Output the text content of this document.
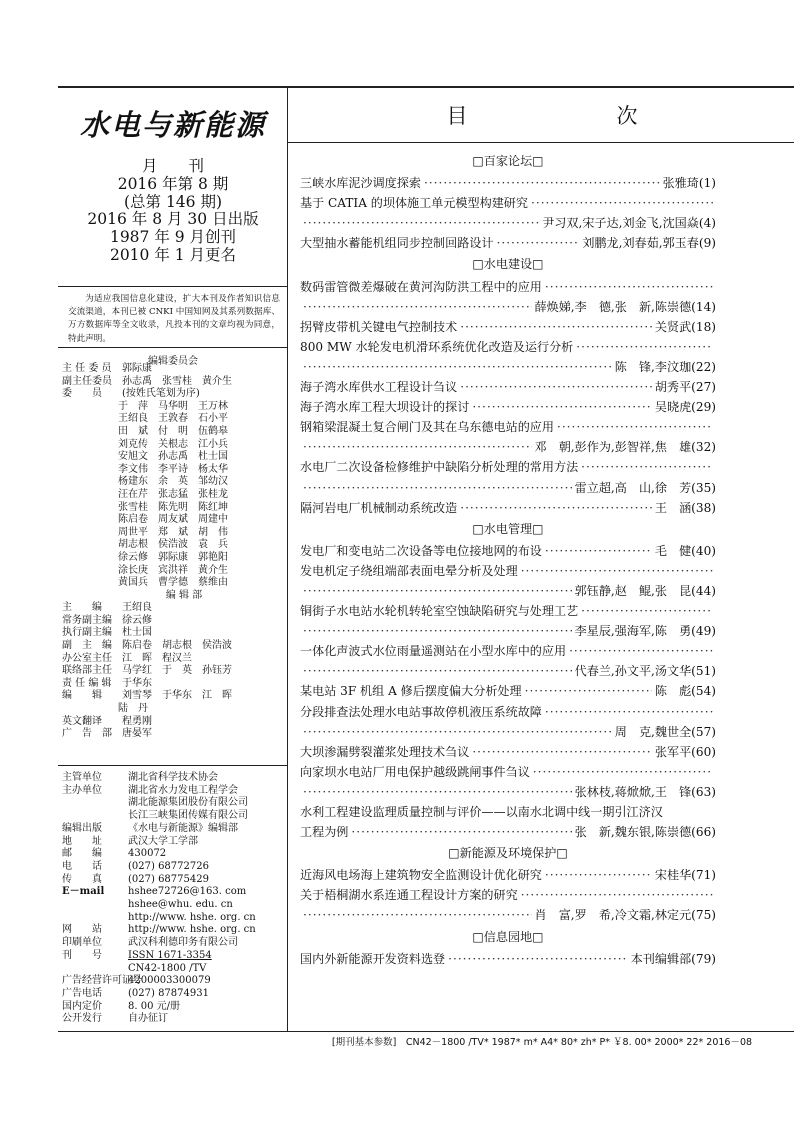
水电与新能源
月　　刊
2016 年第 8 期
(总第 146 期)
2016 年 8 月 30 日出版
1987 年 9 月创刊
2010 年 1 月更名
为适应我国信息化建设，扩大本刊及作者知识信息交流渠道，本刊已被 CNKI 中国知网及其系列数据库、万方数据库等全文收录，凡投本刊的文章均视为同意，特此声明。
编辑委员会
主 任 委 员	郭际康
副主任委员	孙志禹　张雪桂　黄介生
委　　员	(按姓氏笔划为序)
于　萍　马华明　王万林
王绍良　王敦春　石小平
田　斌　付　明　伍鹤皋
刘克传　关根志　江小兵
安旭文　孙志禹　杜士国
李文伟　李平诗　杨太华
杨建东　余　英　邹幼汉
汪在芹　张志猛　张桂龙
张雪桂　陈先明　陈红坤
陈启卷　周友斌　周建中
周世平　郑　斌　胡　伟
胡志根　侯浩波　袁　兵
徐云修　郭际康　郭艳阳
涂长庚　宾洪祥　黄介生
黄国兵　曹学德　蔡维由
编 辑 部
主　　编	王绍良
常务副主编	徐云修
执行副主编	杜士国
副　主　编	陈启卷　胡志根　侯浩波
办公室主任	江　晖　程汉兰
联络部主任	马学红　于　英　孙钰芳
责 任 编 辑	于华东
编　　辑	刘雪琴　于华东　江　晖
陆　丹
英文翻译	程勇刚
广　告　部	唐晏军
主管单位	湖北省科学技术协会
主办单位	湖北省水力发电工程学会
湖北能源集团股份有限公司
长江三峡集团传媒有限公司
编辑出版	《水电与新能源》编辑部
地　　址	武汉大学工学部
邮　　编	430072
电　　话	(027) 68772726
传　　真	(027) 68775429
E－mail	hshee72726@163. com
hshee@whu. edu. cn
http://www. hshe. org. cn
网　　站	http://www. hshe. org. cn
印刷单位	武汉科利德印务有限公司
刊　　号	ISSN 1671-3354
CN42-1800 /TV
广告经营许可证号
4200003300079
广告电话	(027) 87874931
国内定价	8. 00 元/册
公开发行	自办征订
目　次
□百家论坛□
三峡水库泥沙调度探索 ·····	张雅琦(1)
基于 CATIA 的坝体施工单元模型构建研究
·····
·····
尹习双,宋子达,刘金飞,沈国焱(4)
大型抽水蓄能机组同步控制回路设计 ·····	刘鹏龙,刘春茹,郭玉春(9)
□水电建设□
数码雷管微差爆破在黄河沟防洪工程中的应用
·····
·····
薛焕娣,李　德,张　新,陈崇德(14)
拐臂皮带机关键电气控制技术 ·····	关贤武(18)
800 MW 水轮发电机滑环系统优化改造及运行分析
·····
·····
陈　锋,李汶珈(22)
海子湾水库供水工程设计刍议 ·····	胡秀平(27)
海子湾水库工程大坝设计的探讨 ·····	吴晓虎(29)
钢箱梁混凝土复合闸门及其在乌东德电站的应用
·····
·····
邓　朝,彭作为,彭智祥,焦　雄(32)
水电厂二次设备检修维护中缺陷分析处理的常用方法
·····
·····
雷立超,高　山,徐　芳(35)
隔河岩电厂机械制动系统改造 ·····	王　涵(38)
□水电管理□
发电厂和变电站二次设备等电位接地网的布设 ·····	毛　健(40)
发电机定子绕组端部表面电晕分析及处理
·····
·····
郭钰静,赵　鲲,张　昆(44)
铜街子水电站水轮机转轮室空蚀缺陷研究与处理工艺
·····
·····
李星辰,强海军,陈　勇(49)
一体化声波式水位雨量遥测站在小型水库中的应用
·····
·····
代春兰,孙文平,汤文华(51)
某电站 3F 机组 A 修后摆度偏大分析处理 ·····	陈　彪(54)
分段排查法处理水电站事故停机液压系统故障
·····
·····
周　克,魏世全(57)
大坝渗漏劈裂灌浆处理技术刍议 ·····	张军平(60)
向家坝水电站厂用电保护越级跳闸事件刍议
·····
·····
张林枝,蒋焮焮,王　锋(63)
水利工程建设监理质量控制与评价——以南水北调中线一期引江济汉
工程为例 ·····	张　新,魏东银,陈崇德(66)
□新能源及环境保护□
近海风电场海上建筑物安全监测设计优化研究 ·····	宋桂华(71)
关于梧桐湖水系连通工程设计方案的研究
·····
·····
肖　富,罗　希,冷文霜,林定元(75)
□信息园地□
国内外新能源开发资料选登 ·····	本刊编辑部(79)
[期刊基本参数]　CN42－1800 /TV* 1987* m* A4* 80* zh* P* ￥8. 00* 2000* 22* 2016－08
